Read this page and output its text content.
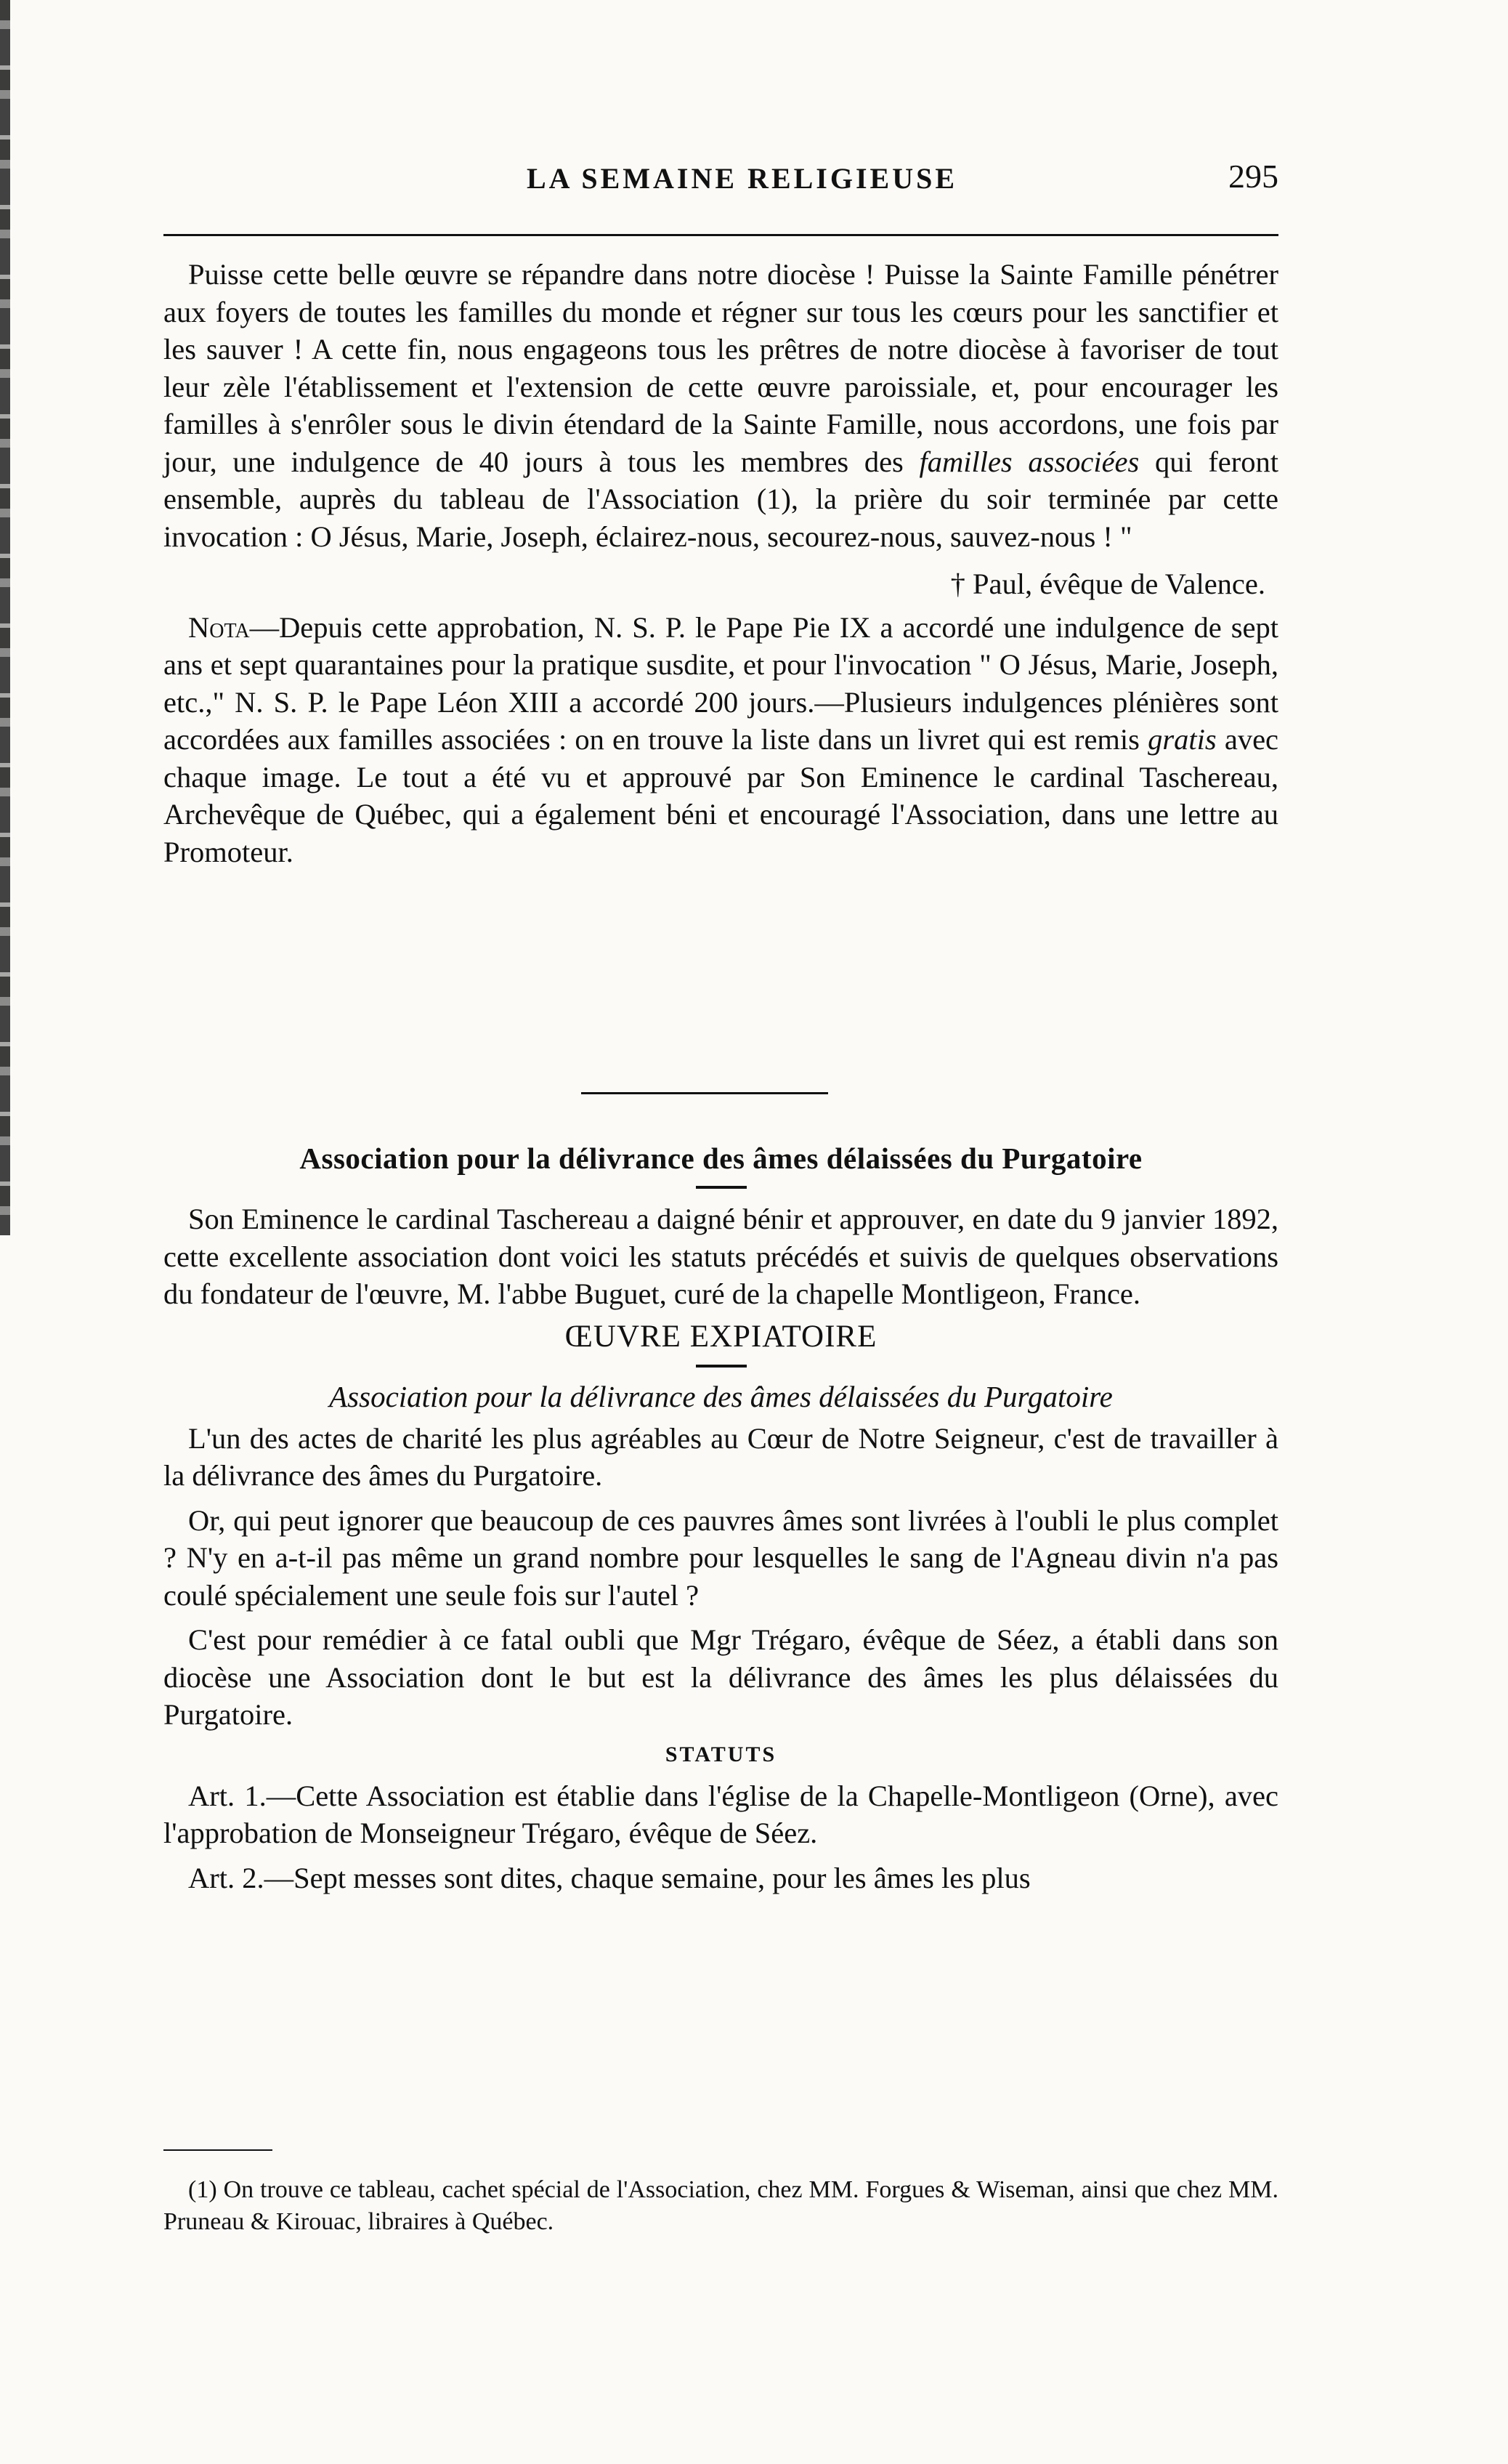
LA SEMAINE RELIGIEUSE	295

Puisse cette belle œuvre se répandre dans notre diocèse ! Puisse la Sainte Famille pénétrer aux foyers de toutes les familles du monde et régner sur tous les cœurs pour les sanctifier et les sauver ! A cette fin, nous engageons tous les prêtres de notre diocèse à favoriser de tout leur zèle l'établissement et l'extension de cette œuvre paroissiale, et, pour encourager les familles à s'enrôler sous le divin étendard de la Sainte Famille, nous accordons, une fois par jour, une indulgence de 40 jours à tous les membres des familles associées qui feront ensemble, auprès du tableau de l'Association (1), la prière du soir terminée par cette invocation : O Jésus, Marie, Joseph, éclairez-nous, secourez-nous, sauvez-nous ! "

† Paul, évêque de Valence.

Nota—Depuis cette approbation, N. S. P. le Pape Pie IX a accordé une indulgence de sept ans et sept quarantaines pour la pratique susdite, et pour l'invocation " O Jésus, Marie, Joseph, etc.," N. S. P. le Pape Léon XIII a accordé 200 jours.—Plusieurs indulgences plénières sont accordées aux familles associées : on en trouve la liste dans un livret qui est remis gratis avec chaque image. Le tout a été vu et approuvé par Son Eminence le cardinal Taschereau, Archevêque de Québec, qui a également béni et encouragé l'Association, dans une lettre au Promoteur.

Association pour la délivrance des âmes délaissées du Purgatoire

Son Eminence le cardinal Taschereau a daigné bénir et approuver, en date du 9 janvier 1892, cette excellente association dont voici les statuts précédés et suivis de quelques observations du fondateur de l'œuvre, M. l'abbe Buguet, curé de la chapelle Montligeon, France.

ŒUVRE EXPIATOIRE
Association pour la délivrance des âmes délaissées du Purgatoire

L'un des actes de charité les plus agréables au Cœur de Notre Seigneur, c'est de travailler à la délivrance des âmes du Purgatoire.

Or, qui peut ignorer que beaucoup de ces pauvres âmes sont livrées à l'oubli le plus complet ? N'y en a-t-il pas même un grand nombre pour lesquelles le sang de l'Agneau divin n'a pas coulé spécialement une seule fois sur l'autel ?

C'est pour remédier à ce fatal oubli que Mgr Trégaro, évêque de Séez, a établi dans son diocèse une Association dont le but est la délivrance des âmes les plus délaissées du Purgatoire.

STATUTS

Art. 1.—Cette Association est établie dans l'église de la Chapelle-Montligeon (Orne), avec l'approbation de Monseigneur Trégaro, évêque de Séez.

Art. 2.—Sept messes sont dites, chaque semaine, pour les âmes les plus

(1) On trouve ce tableau, cachet spécial de l'Association, chez MM. Forgues & Wiseman, ainsi que chez MM. Pruneau & Kirouac, libraires à Québec.
